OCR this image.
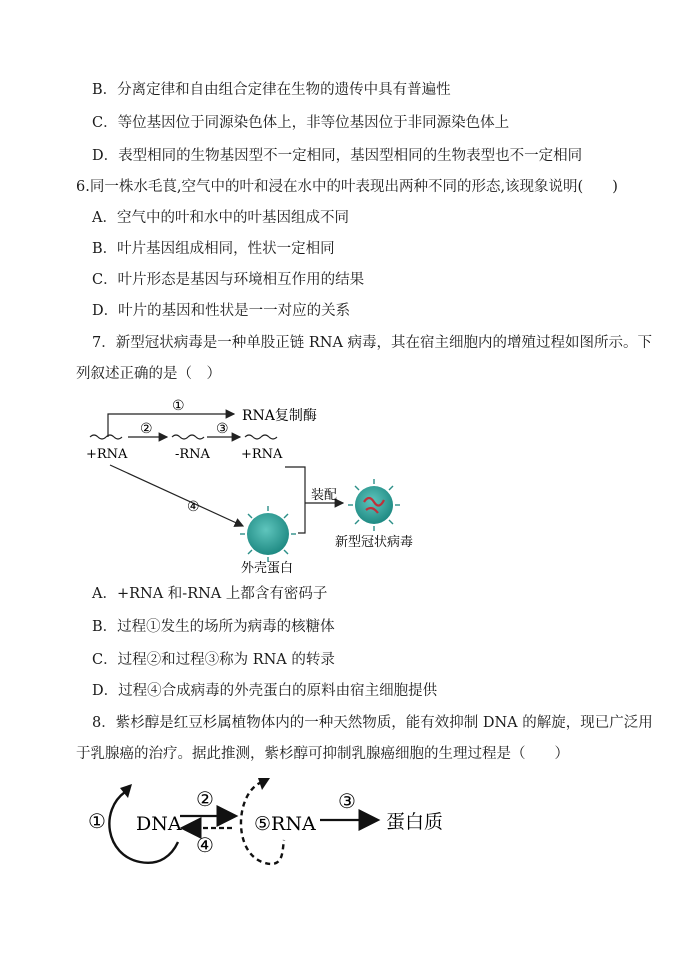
B．分离定律和自由组合定律在生物的遗传中具有普遍性
C．等位基因位于同源染色体上，非等位基因位于非同源染色体上
D．表型相同的生物基因型不一定相同，基因型相同的生物表型也不一定相同
6.同一株水毛茛,空气中的叶和浸在水中的叶表现出两种不同的形态,该现象说明(　　)
A．空气中的叶和水中的叶基因组成不同
B．叶片基因组成相同，性状一定相同
C．叶片形态是基因与环境相互作用的结果
D．叶片的基因和性状是一一对应的关系
7．新型冠状病毒是一种单股正链 RNA 病毒，其在宿主细胞内的增殖过程如图所示。下
列叙述正确的是（　）
①
RNA复制酶
+RNA
②
-RNA
③
+RNA
④
外壳蛋白
装配
新型冠状病毒
A．+RNA 和-RNA 上都含有密码子
B．过程①发生的场所为病毒的核糖体
C．过程②和过程③称为 RNA 的转录
D．过程④合成病毒的外壳蛋白的原料由宿主细胞提供
8．紫杉醇是红豆杉属植物体内的一种天然物质，能有效抑制 DNA 的解旋，现已广泛用
于乳腺癌的治疗。据此推测，紫杉醇可抑制乳腺癌细胞的生理过程是（　　）
① DNA
②
④
⑤RNA
③
蛋白质
